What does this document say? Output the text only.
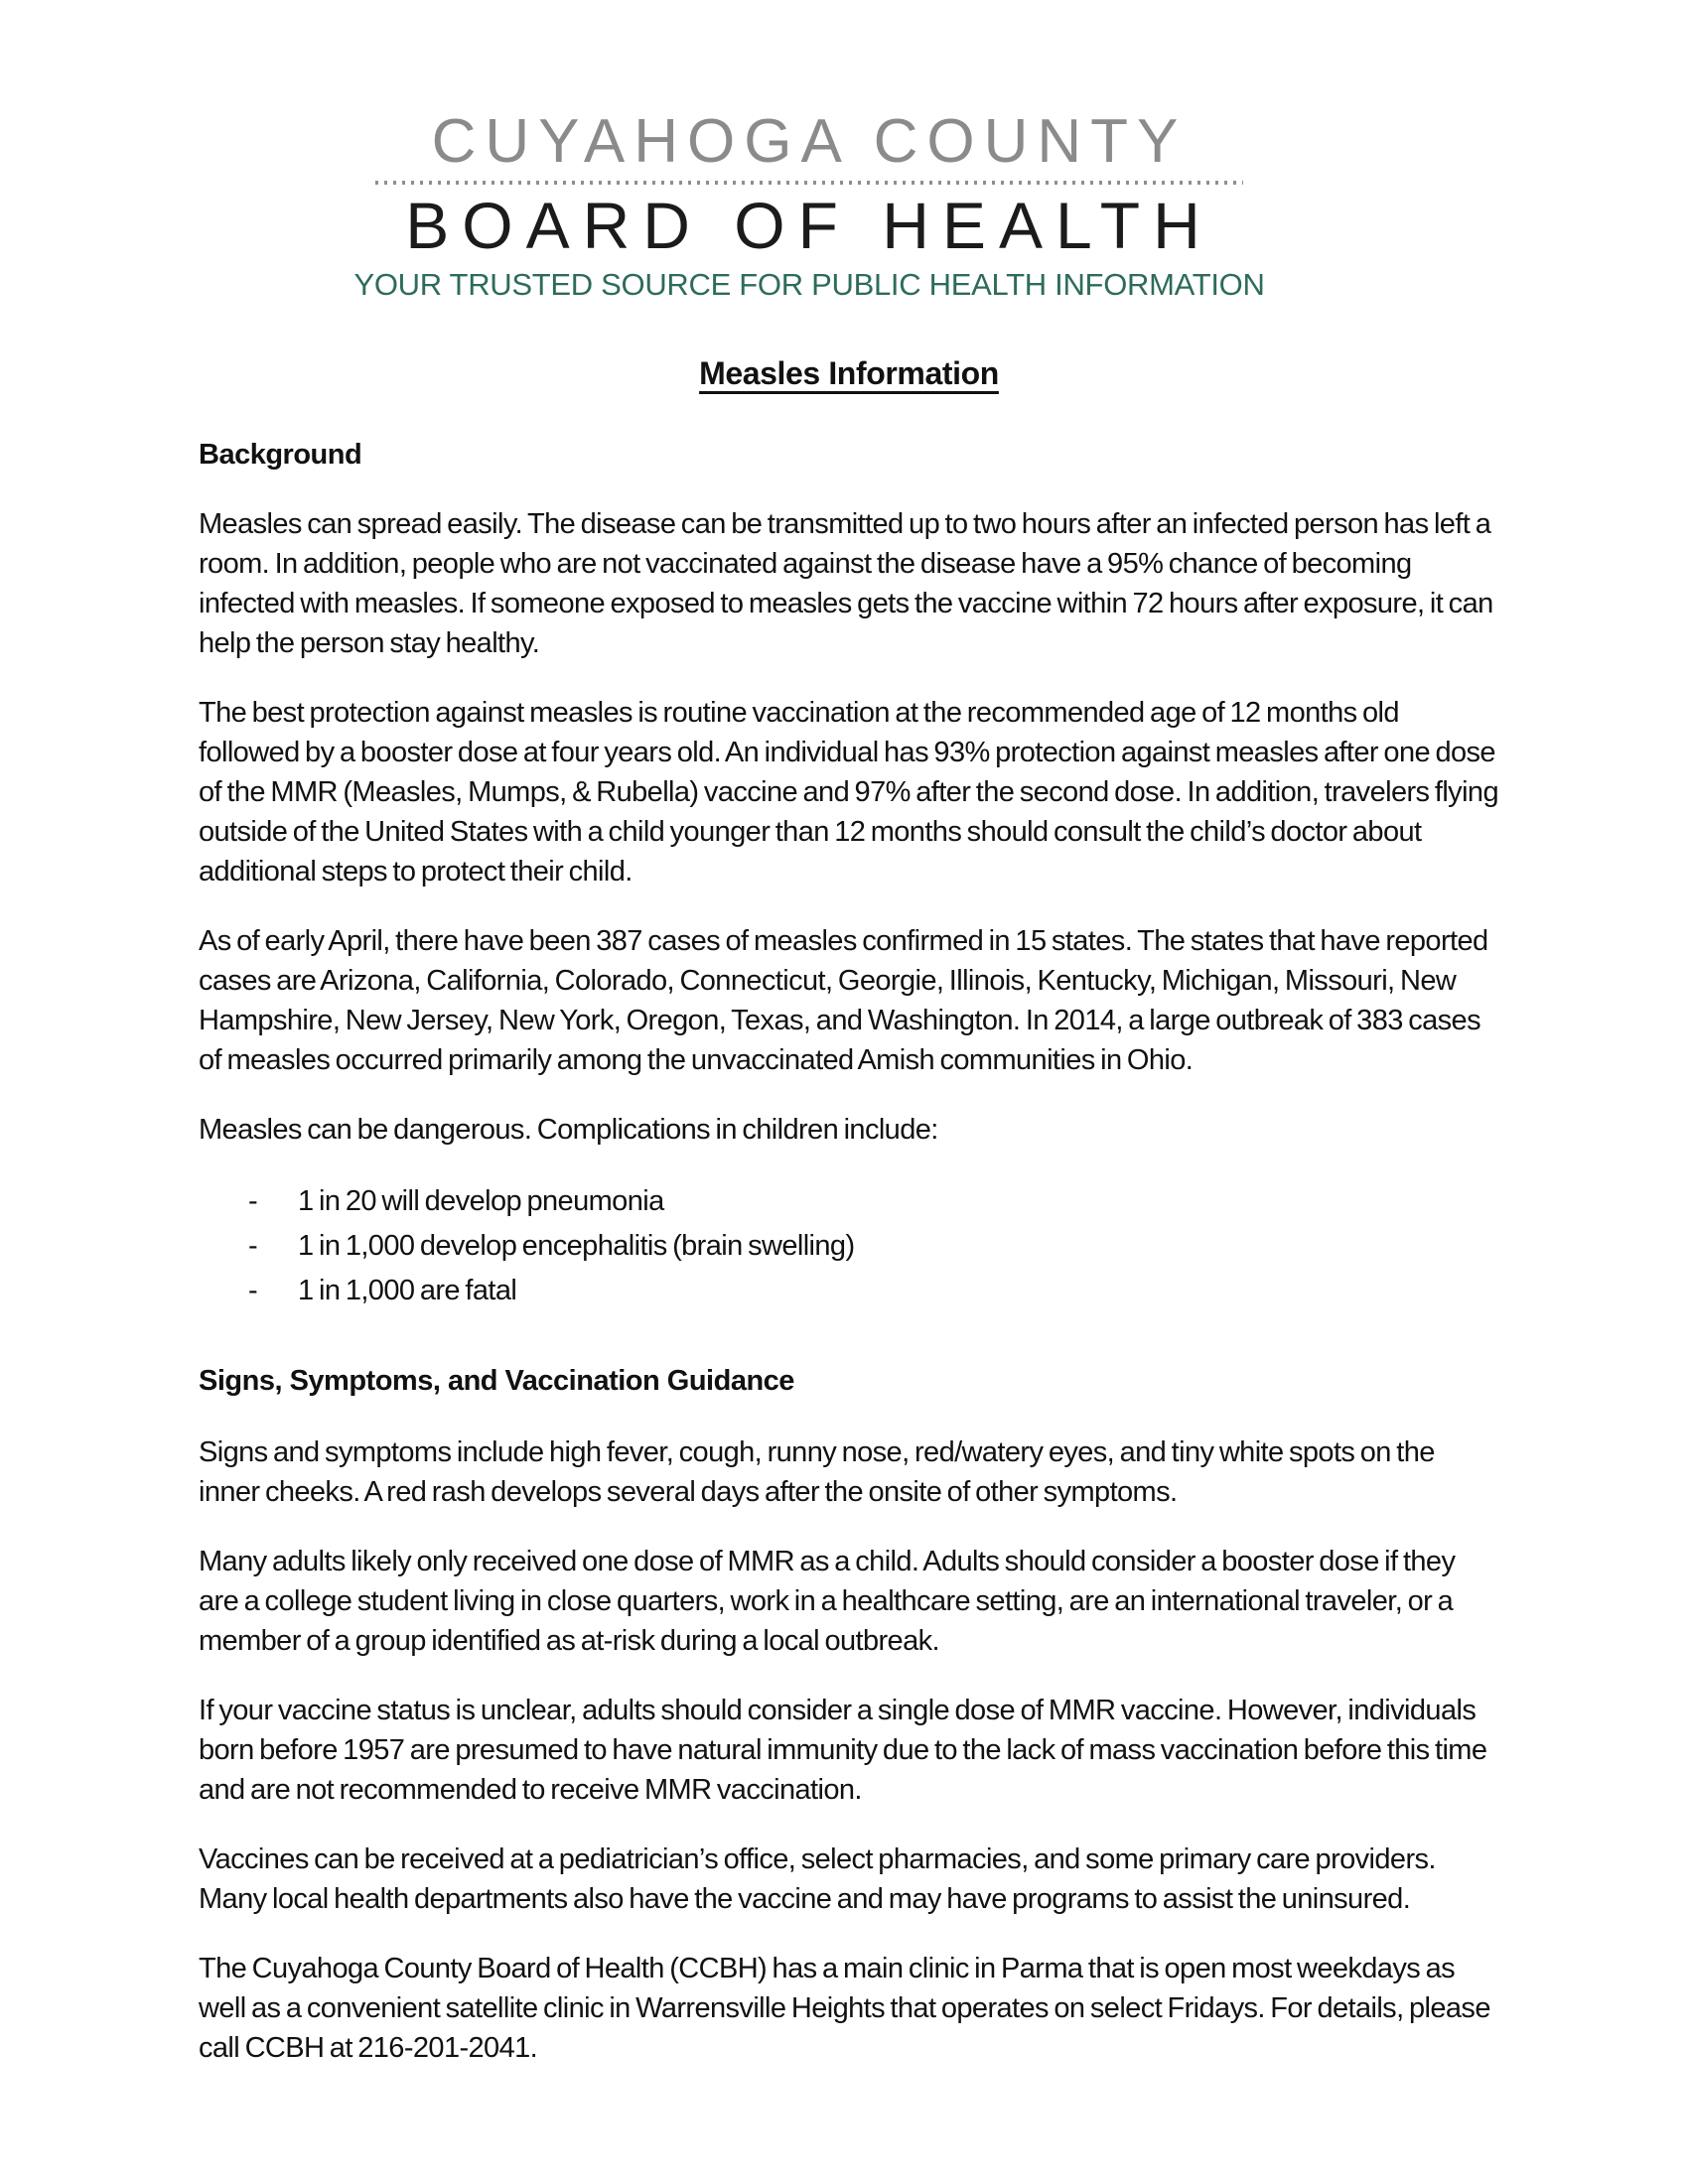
CUYAHOGA COUNTY
BOARD OF HEALTH
YOUR TRUSTED SOURCE FOR PUBLIC HEALTH INFORMATION
Measles Information
Background

Measles can spread easily. The disease can be transmitted up to two hours after an infected person has left a room. In addition, people who are not vaccinated against the disease have a 95% chance of becoming infected with measles. If someone exposed to measles gets the vaccine within 72 hours after exposure, it can help the person stay healthy.

The best protection against measles is routine vaccination at the recommended age of 12 months old followed by a booster dose at four years old. An individual has 93% protection against measles after one dose of the MMR (Measles, Mumps, & Rubella) vaccine and 97% after the second dose. In addition, travelers flying outside of the United States with a child younger than 12 months should consult the child’s doctor about additional steps to protect their child.

As of early April, there have been 387 cases of measles confirmed in 15 states. The states that have reported cases are Arizona, California, Colorado, Connecticut, Georgie, Illinois, Kentucky, Michigan, Missouri, New Hampshire, New Jersey, New York, Oregon, Texas, and Washington. In 2014, a large outbreak of 383 cases of measles occurred primarily among the unvaccinated Amish communities in Ohio.

Measles can be dangerous. Complications in children include:

-	1 in 20 will develop pneumonia
-	1 in 1,000 develop encephalitis (brain swelling)
-	1 in 1,000 are fatal
Signs, Symptoms, and Vaccination Guidance

Signs and symptoms include high fever, cough, runny nose, red/watery eyes, and tiny white spots on the inner cheeks. A red rash develops several days after the onsite of other symptoms.

Many adults likely only received one dose of MMR as a child. Adults should consider a booster dose if they are a college student living in close quarters, work in a healthcare setting, are an international traveler, or a member of a group identified as at-risk during a local outbreak.

If your vaccine status is unclear, adults should consider a single dose of MMR vaccine. However, individuals born before 1957 are presumed to have natural immunity due to the lack of mass vaccination before this time and are not recommended to receive MMR vaccination.

Vaccines can be received at a pediatrician’s office, select pharmacies, and some primary care providers. Many local health departments also have the vaccine and may have programs to assist the uninsured.

The Cuyahoga County Board of Health (CCBH) has a main clinic in Parma that is open most weekdays as well as a convenient satellite clinic in Warrensville Heights that operates on select Fridays. For details, please call CCBH at 216-201-2041.
